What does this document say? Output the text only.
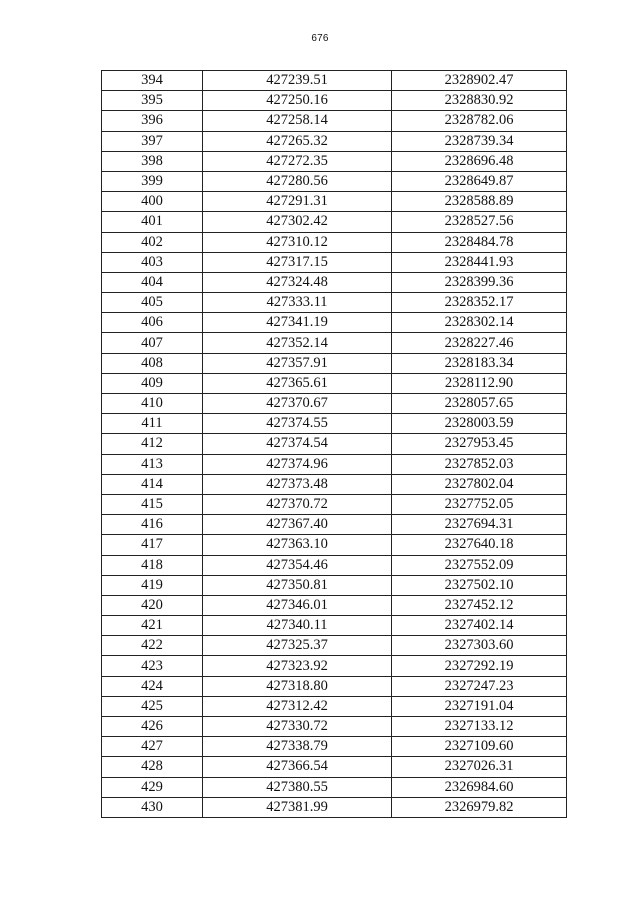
676
394	427239.51	2328902.47
395	427250.16	2328830.92
396	427258.14	2328782.06
397	427265.32	2328739.34
398	427272.35	2328696.48
399	427280.56	2328649.87
400	427291.31	2328588.89
401	427302.42	2328527.56
402	427310.12	2328484.78
403	427317.15	2328441.93
404	427324.48	2328399.36
405	427333.11	2328352.17
406	427341.19	2328302.14
407	427352.14	2328227.46
408	427357.91	2328183.34
409	427365.61	2328112.90
410	427370.67	2328057.65
411	427374.55	2328003.59
412	427374.54	2327953.45
413	427374.96	2327852.03
414	427373.48	2327802.04
415	427370.72	2327752.05
416	427367.40	2327694.31
417	427363.10	2327640.18
418	427354.46	2327552.09
419	427350.81	2327502.10
420	427346.01	2327452.12
421	427340.11	2327402.14
422	427325.37	2327303.60
423	427323.92	2327292.19
424	427318.80	2327247.23
425	427312.42	2327191.04
426	427330.72	2327133.12
427	427338.79	2327109.60
428	427366.54	2327026.31
429	427380.55	2326984.60
430	427381.99	2326979.82
